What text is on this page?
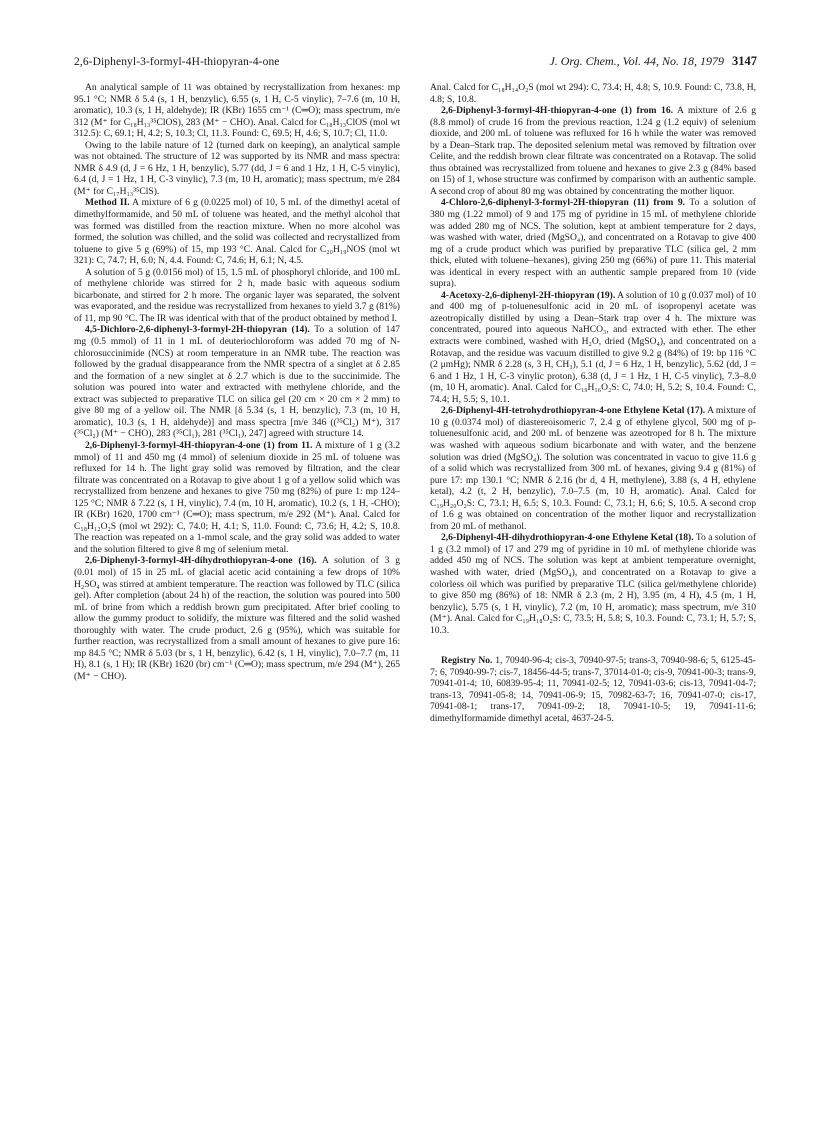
2,6-Diphenyl-3-formyl-4H-thiopyran-4-one	J. Org. Chem., Vol. 44, No. 18, 1979 3147

An analytical sample of 11 was obtained by recrystallization from hexanes: mp 95.1 °C; NMR δ 5.4 (s, 1 H, benzylic), 6.55 (s, 1 H, C-5 vinylic), 7–7.6 (m, 10 H, aromatic), 10.3 (s, 1 H, aldehyde); IR (KBr) 1655 cm⁻¹ (C═O); mass spectrum, m/e 312 (M⁺ for C₁₈H₁₃³⁵ClOS), 283 (M⁺ − CHO). Anal. Calcd for C₁₈H₁₃ClOS (mol wt 312.5): C, 69.1; H, 4.2; S, 10.3; Cl, 11.3. Found: C, 69.5; H, 4.6; S, 10.7; Cl, 11.0.

Owing to the labile nature of 12 (turned dark on keeping), an analytical sample was not obtained. The structure of 12 was supported by its NMR and mass spectra: NMR δ 4.9 (d, J = 6 Hz, 1 H, benzylic), 5.77 (dd, J = 6 and 1 Hz, 1 H, C-5 vinylic), 6.4 (d, J = 1 Hz, 1 H, C-3 vinylic), 7.3 (m, 10 H, aromatic); mass spectrum, m/e 284 (M⁺ for C₁₇H₁₃³⁵ClS).

Method II. A mixture of 6 g (0.0225 mol) of 10, 5 mL of the dimethyl acetal of dimethylformamide, and 50 mL of toluene was heated, and the methyl alcohol that was formed was distilled from the reaction mixture. When no more alcohol was formed, the solution was chilled, and the solid was collected and recrystallized from toluene to give 5 g (69%) of 15, mp 193 °C. Anal. Calcd for C₂₀H₁₉NOS (mol wt 321): C, 74.7; H, 6.0; N, 4.4. Found: C, 74.6; H, 6.1; N, 4.5.

A solution of 5 g (0.0156 mol) of 15, 1.5 mL of phosphoryl chloride, and 100 mL of methylene chloride was stirred for 2 h, made basic with aqueous sodium bicarbonate, and stirred for 2 h more. The organic layer was separated, the solvent was evaporated, and the residue was recrystallized from hexanes to yield 3.7 g (81%) of 11, mp 90 °C. The IR was identical with that of the product obtained by method I.

4,5-Dichloro-2,6-diphenyl-3-formyl-2H-thiopyran (14). To a solution of 147 mg (0.5 mmol) of 11 in 1 mL of deuteriochloroform was added 70 mg of N-chlorosuccinimide (NCS) at room temperature in an NMR tube. The reaction was followed by the gradual disappearance from the NMR spectra of a singlet at δ 2.85 and the formation of a new singlet at δ 2.7 which is due to the succinimide. The solution was poured into water and extracted with methylene chloride, and the extract was subjected to preparative TLC on silica gel (20 cm × 20 cm × 2 mm) to give 80 mg of a yellow oil. The NMR [δ 5.34 (s, 1 H, benzylic), 7.3 (m, 10 H, aromatic), 10.3 (s, 1 H, aldehyde)] and mass spectra [m/e 346 ((³⁵Cl₂) M⁺), 317 (³⁵Cl₂) (M⁺ − CHO), 283 (³⁵Cl₁), 281 (³⁵Cl₁), 247] agreed with structure 14.

2,6-Diphenyl-3-formyl-4H-thiopyran-4-one (1) from 11. A mixture of 1 g (3.2 mmol) of 11 and 450 mg (4 mmol) of selenium dioxide in 25 mL of toluene was refluxed for 14 h. The light gray solid was removed by filtration, and the clear filtrate was concentrated on a Rotavap to give about 1 g of a yellow solid which was recrystallized from benzene and hexanes to give 750 mg (82%) of pure 1: mp 124–125 °C; NMR δ 7.22 (s, 1 H, vinylic), 7.4 (m, 10 H, aromatic), 10.2 (s, 1 H, -CHO); IR (KBr) 1620, 1700 cm⁻¹ (C═O); mass spectrum, m/e 292 (M⁺). Anal. Calcd for C₁₈H₁₂O₂S (mol wt 292): C, 74.0; H, 4.1; S, 11.0. Found: C, 73.6; H, 4.2; S, 10.8. The reaction was repeated on a 1-mmol scale, and the gray solid was added to water and the solution filtered to give 8 mg of selenium metal.

2,6-Diphenyl-3-formyl-4H-dihydrothiopyran-4-one (16). A solution of 3 g (0.01 mol) of 15 in 25 mL of glacial acetic acid containing a few drops of 10% H₂SO₄ was stirred at ambient temperature. The reaction was followed by TLC (silica gel). After completion (about 24 h) of the reaction, the solution was poured into 500 mL of brine from which a reddish brown gum precipitated. After brief cooling to allow the gummy product to solidify, the mixture was filtered and the solid washed thoroughly with water. The crude product, 2.6 g (95%), which was suitable for further reaction, was recrystallized from a small amount of hexanes to give pure 16: mp 84.5 °C; NMR δ 5.03 (br s, 1 H, benzylic), 6.42 (s, 1 H, vinylic), 7.0–7.7 (m, 11 H), 8.1 (s, 1 H); IR (KBr) 1620 (br) cm⁻¹ (C═O); mass spectrum, m/e 294 (M⁺), 265 (M⁺ − CHO).

Anal. Calcd for C₁₈H₁₄O₂S (mol wt 294): C, 73.4; H, 4.8; S, 10.9. Found: C, 73.8, H, 4.8; S, 10.8.

2,6-Diphenyl-3-formyl-4H-thiopyran-4-one (1) from 16. A mixture of 2.6 g (8.8 mmol) of crude 16 from the previous reaction, 1.24 g (1.2 equiv) of selenium dioxide, and 200 mL of toluene was refluxed for 16 h while the water was removed by a Dean–Stark trap. The deposited selenium metal was removed by filtration over Celite, and the reddish brown clear filtrate was concentrated on a Rotavap. The solid thus obtained was recrystallized from toluene and hexanes to give 2.3 g (84% based on 15) of 1, whose structure was confirmed by comparison with an authentic sample. A second crop of about 80 mg was obtained by concentrating the mother liquor.

4-Chloro-2,6-diphenyl-3-formyl-2H-thiopyran (11) from 9. To a solution of 380 mg (1.22 mmol) of 9 and 175 mg of pyridine in 15 mL of methylene chloride was added 280 mg of NCS. The solution, kept at ambient temperature for 2 days, was washed with water, dried (MgSO₄), and concentrated on a Rotavap to give 400 mg of a crude product which was purified by preparative TLC (silica gel, 2 mm thick, eluted with toluene–hexanes), giving 250 mg (66%) of pure 11. This material was identical in every respect with an authentic sample prepared from 10 (vide supra).

4-Acetoxy-2,6-diphenyl-2H-thiopyran (19). A solution of 10 g (0.037 mol) of 10 and 400 mg of p-toluenesulfonic acid in 20 mL of isopropenyl acetate was azeotropically distilled by using a Dean–Stark trap over 4 h. The mixture was concentrated, poured into aqueous NaHCO₃, and extracted with ether. The ether extracts were combined, washed with H₂O, dried (MgSO₄), and concentrated on a Rotavap, and the residue was vacuum distilled to give 9.2 g (84%) of 19: bp 116 °C (2 μmHg); NMR δ 2.28 (s, 3 H, CH₃), 5.1 (d, J = 6 Hz, 1 H, benzylic), 5.62 (dd, J = 6 and 1 Hz, 1 H, C-3 vinylic proton), 6.38 (d, J = 1 Hz, 1 H, C-5 vinylic), 7.3–8.0 (m, 10 H, aromatic). Anal. Calcd for C₁₉H₁₆O₂S: C, 74.0; H, 5.2; S, 10.4. Found: C, 74.4; H, 5.5; S, 10.1.

2,6-Diphenyl-4H-tetrohydrothiopyran-4-one Ethylene Ketal (17). A mixture of 10 g (0.0374 mol) of diastereoisomeric 7, 2.4 g of ethylene glycol, 500 mg of p-toluenesulfonic acid, and 200 mL of benzene was azeotroped for 8 h. The mixture was washed with aqueous sodium bicarbonate and with water, and the benzene solution was dried (MgSO₄). The solution was concentrated in vacuo to give 11.6 g of a solid which was recrystallized from 300 mL of hexanes, giving 9.4 g (81%) of pure 17: mp 130.1 °C; NMR δ 2.16 (br d, 4 H, methylene), 3.88 (s, 4 H, ethylene ketal), 4.2 (t, 2 H, benzylic), 7.0–7.5 (m, 10 H, aromatic). Anal. Calcd for C₁₉H₂₀O₂S: C, 73.1; H, 6.5; S, 10.3. Found: C, 73.1; H, 6.6; S, 10.5. A second crop of 1.6 g was obtained on concentration of the mother liquor and recrystallization from 20 mL of methanol.

2,6-Diphenyl-4H-dihydrothiopyran-4-one Ethylene Ketal (18). To a solution of 1 g (3.2 mmol) of 17 and 279 mg of pyridine in 10 mL of methylene chloride was added 450 mg of NCS. The solution was kept at ambient temperature overnight, washed with water, dried (MgSO₄), and concentrated on a Rotavap to give a colorless oil which was purified by preparative TLC (silica gel/methylene chloride) to give 850 mg (86%) of 18: NMR δ 2.3 (m, 2 H), 3.95 (m, 4 H), 4.5 (m, 1 H, benzylic), 5.75 (s, 1 H, vinylic), 7.2 (m, 10 H, aromatic); mass spectrum, m/e 310 (M⁺). Anal. Calcd for C₁₉H₁₈O₂S: C, 73.5; H, 5.8; S, 10.3. Found: C, 73.1; H, 5.7; S, 10.3.

Registry No. 1, 70940-96-4; cis-3, 70940-97-5; trans-3, 70940-98-6; 5, 6125-45-7; 6, 70940-99-7; cis-7, 18456-44-5; trans-7, 37014-01-0; cis-9, 70941-00-3; trans-9, 70941-01-4; 10, 60839-95-4; 11, 70941-02-5; 12, 70941-03-6; cis-13, 70941-04-7; trans-13, 70941-05-8; 14, 70941-06-9; 15, 70982-63-7; 16, 70941-07-0; cis-17, 70941-08-1; trans-17, 70941-09-2; 18, 70941-10-5; 19, 70941-11-6; dimethylformamide dimethyl acetal, 4637-24-5.
